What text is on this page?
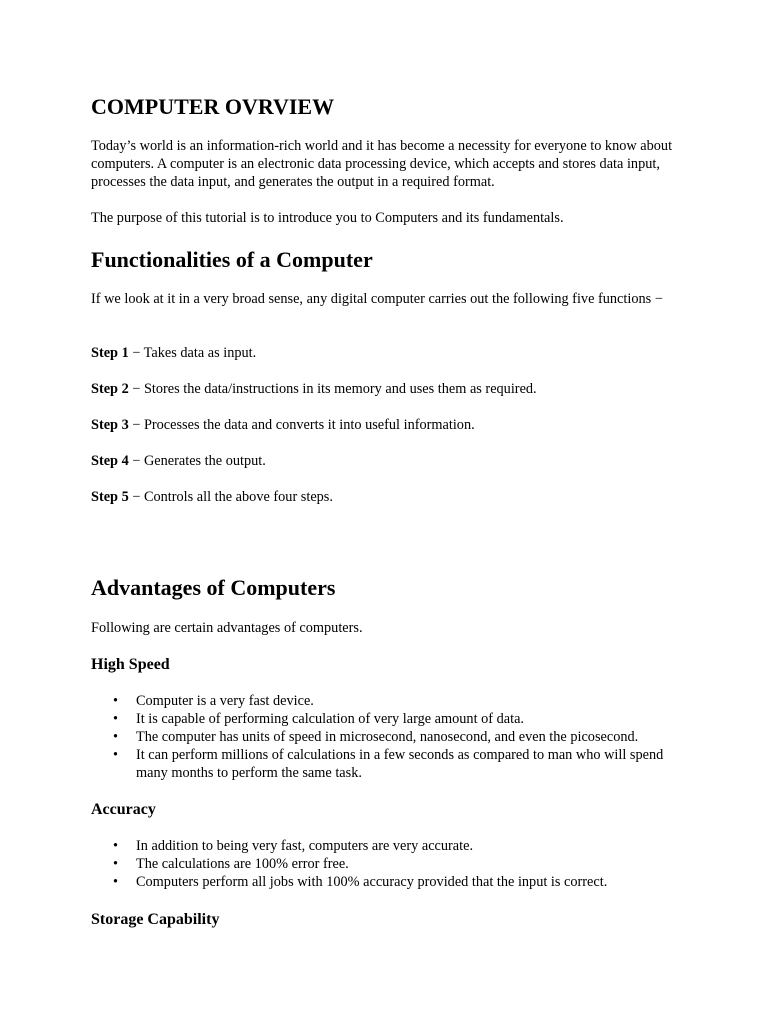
COMPUTER OVRVIEW

Today’s world is an information-rich world and it has become a necessity for everyone to know about computers. A computer is an electronic data processing device, which accepts and stores data input, processes the data input, and generates the output in a required format.

The purpose of this tutorial is to introduce you to Computers and its fundamentals.

Functionalities of a Computer

If we look at it in a very broad sense, any digital computer carries out the following five functions −

Step 1 − Takes data as input.

Step 2 − Stores the data/instructions in its memory and uses them as required.

Step 3 − Processes the data and converts it into useful information.

Step 4 − Generates the output.

Step 5 − Controls all the above four steps.

Advantages of Computers

Following are certain advantages of computers.

High Speed
• Computer is a very fast device.
• It is capable of performing calculation of very large amount of data.
• The computer has units of speed in microsecond, nanosecond, and even the picosecond.
• It can perform millions of calculations in a few seconds as compared to man who will spend many months to perform the same task.
Accuracy
• In addition to being very fast, computers are very accurate.
• The calculations are 100% error free.
• Computers perform all jobs with 100% accuracy provided that the input is correct.
Storage Capability
